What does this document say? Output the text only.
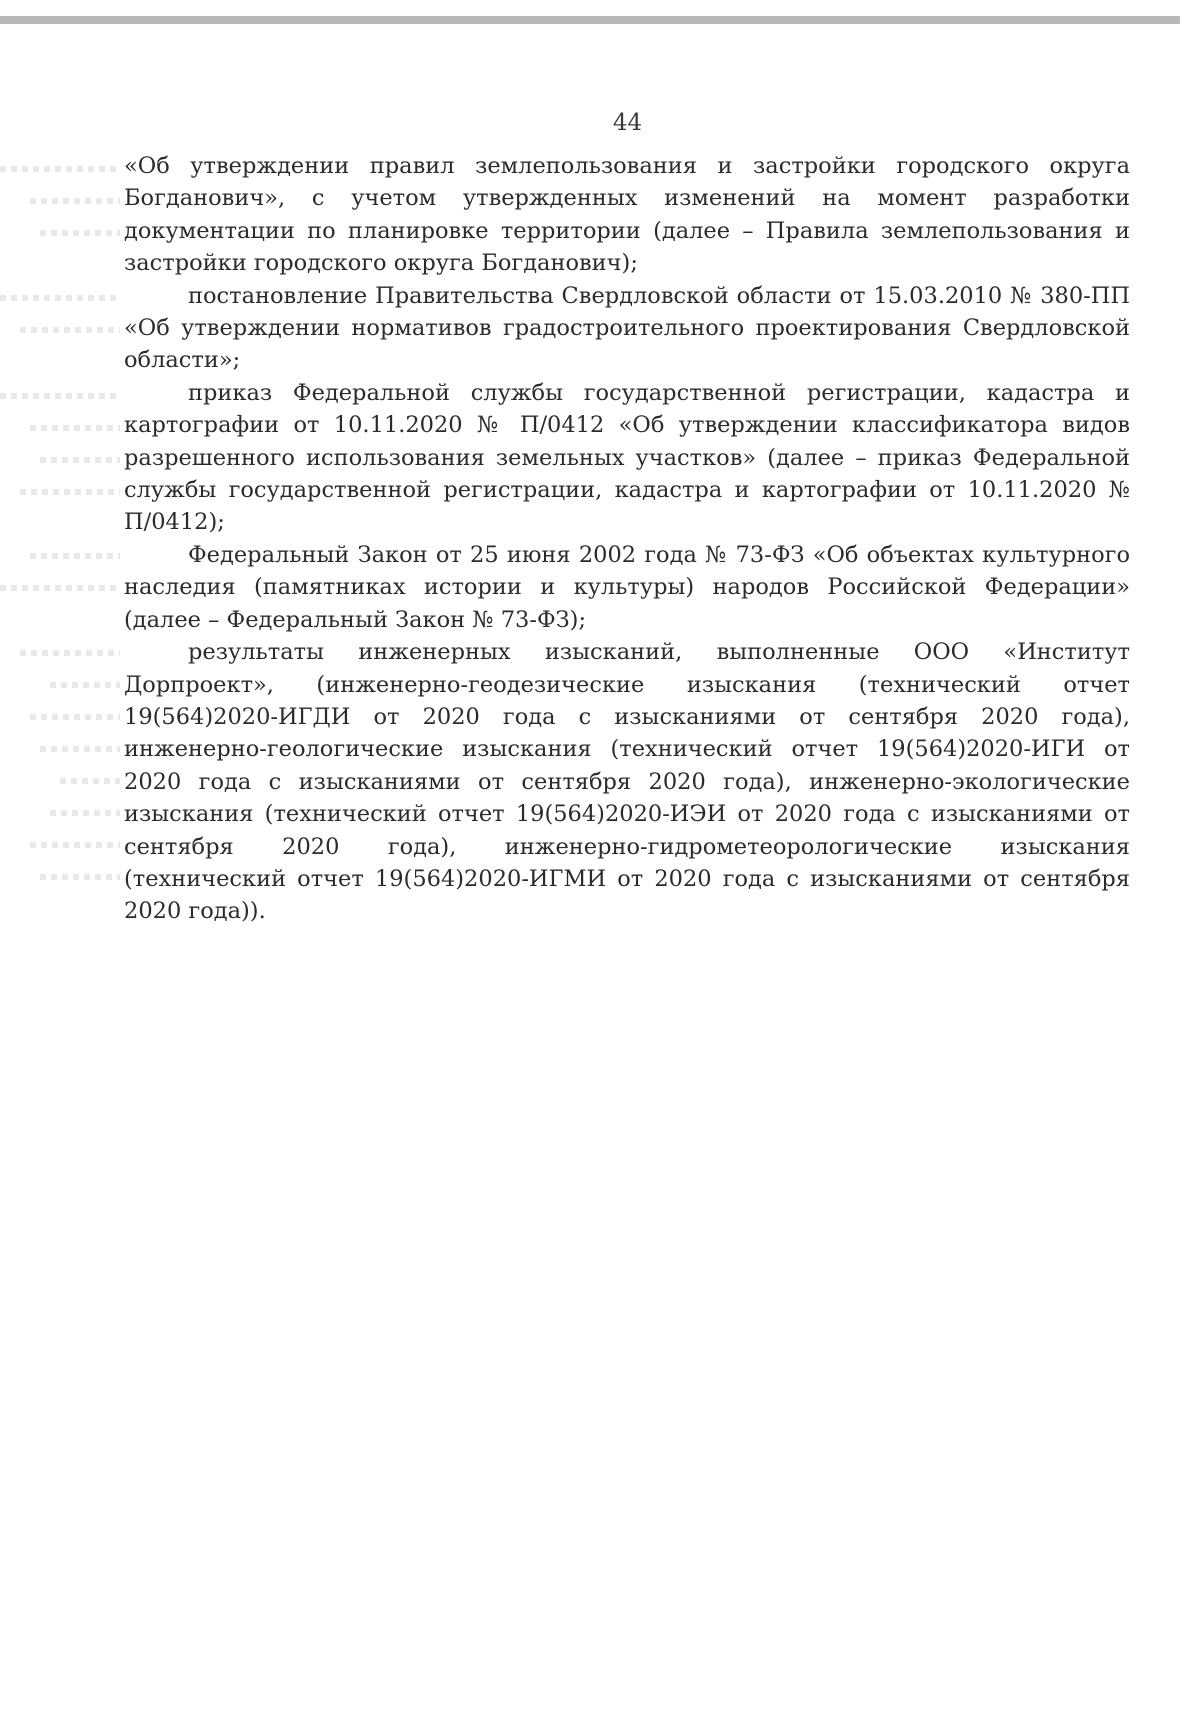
44

«Об утверждении правил землепользования и застройки городского округа Богданович», с учетом утвержденных изменений на момент разработки документации по планировке территории (далее – Правила землепользования и застройки городского округа Богданович);

постановление Правительства Свердловской области от 15.03.2010 № 380-ПП «Об утверждении нормативов градостроительного проектирования Свердловской области»;

приказ Федеральной службы государственной регистрации, кадастра и картографии от 10.11.2020 № П/0412 «Об утверждении классификатора видов разрешенного использования земельных участков» (далее – приказ Федеральной службы государственной регистрации, кадастра и картографии от 10.11.2020 № П/0412);

Федеральный Закон от 25 июня 2002 года № 73-ФЗ «Об объектах культурного наследия (памятниках истории и культуры) народов Российской Федерации» (далее – Федеральный Закон № 73-ФЗ);

результаты инженерных изысканий, выполненные ООО «Институт Дорпроект», (инженерно-геодезические изыскания (технический отчет 19(564)2020-ИГДИ от 2020 года с изысканиями от сентября 2020 года), инженерно-геологические изыскания (технический отчет 19(564)2020-ИГИ от 2020 года с изысканиями от сентября 2020 года), инженерно-экологические изыскания (технический отчет 19(564)2020-ИЭИ от 2020 года с изысканиями от сентября 2020 года), инженерно-гидрометеорологические изыскания (технический отчет 19(564)2020-ИГМИ от 2020 года с изысканиями от сентября 2020 года)).
